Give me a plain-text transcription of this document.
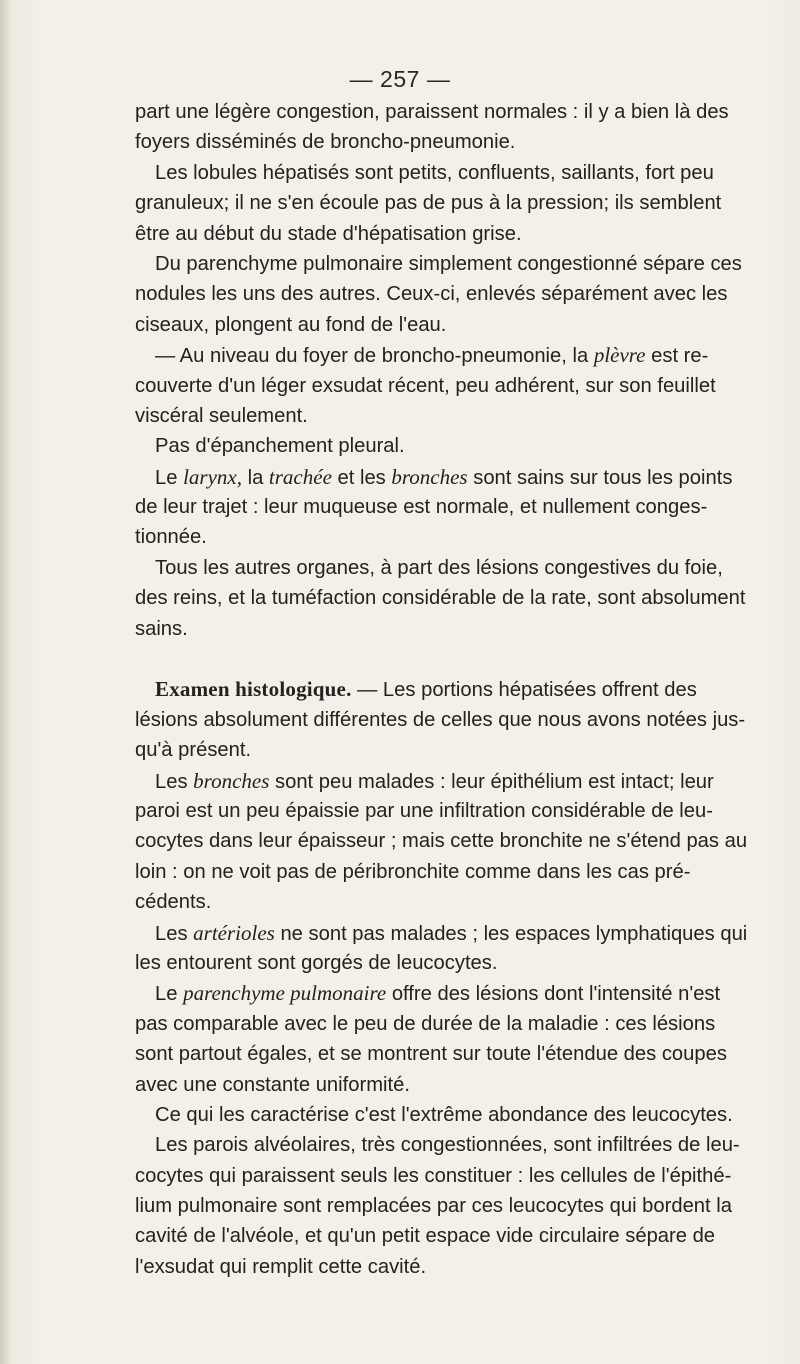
— 257 —
part une légère congestion, paraissent normales : il y a bien là des
foyers disséminés de broncho-pneumonie.
Les lobules hépatisés sont petits, confluents, saillants, fort peu
granuleux; il ne s'en écoule pas de pus à la pression; ils semblent
être au début du stade d'hépatisation grise.
Du parenchyme pulmonaire simplement congestionné sépare ces
nodules les uns des autres. Ceux-ci, enlevés séparément avec les
ciseaux, plongent au fond de l'eau.
— Au niveau du foyer de broncho-pneumonie, la plèvre est re-
couverte d'un léger exsudat récent, peu adhérent, sur son feuillet
viscéral seulement.
Pas d'épanchement pleural.
Le larynx, la trachée et les bronches sont sains sur tous les points
de leur trajet : leur muqueuse est normale, et nullement conges-
tionnée.
Tous les autres organes, à part des lésions congestives du foie,
des reins, et la tuméfaction considérable de la rate, sont absolument
sains.
Examen histologique. — Les portions hépatisées offrent des
lésions absolument différentes de celles que nous avons notées jus-
qu'à présent.
Les bronches sont peu malades : leur épithélium est intact; leur
paroi est un peu épaissie par une infiltration considérable de leu-
cocytes dans leur épaisseur ; mais cette bronchite ne s'étend pas au
loin : on ne voit pas de péribronchite comme dans les cas pré-
cédents.
Les artérioles ne sont pas malades ; les espaces lymphatiques qui
les entourent sont gorgés de leucocytes.
Le parenchyme pulmonaire offre des lésions dont l'intensité n'est
pas comparable avec le peu de durée de la maladie : ces lésions
sont partout égales, et se montrent sur toute l'étendue des coupes
avec une constante uniformité.
Ce qui les caractérise c'est l'extrême abondance des leucocytes.
Les parois alvéolaires, très congestionnées, sont infiltrées de leu-
cocytes qui paraissent seuls les constituer : les cellules de l'épithé-
lium pulmonaire sont remplacées par ces leucocytes qui bordent la
cavité de l'alvéole, et qu'un petit espace vide circulaire sépare de
l'exsudat qui remplit cette cavité.
